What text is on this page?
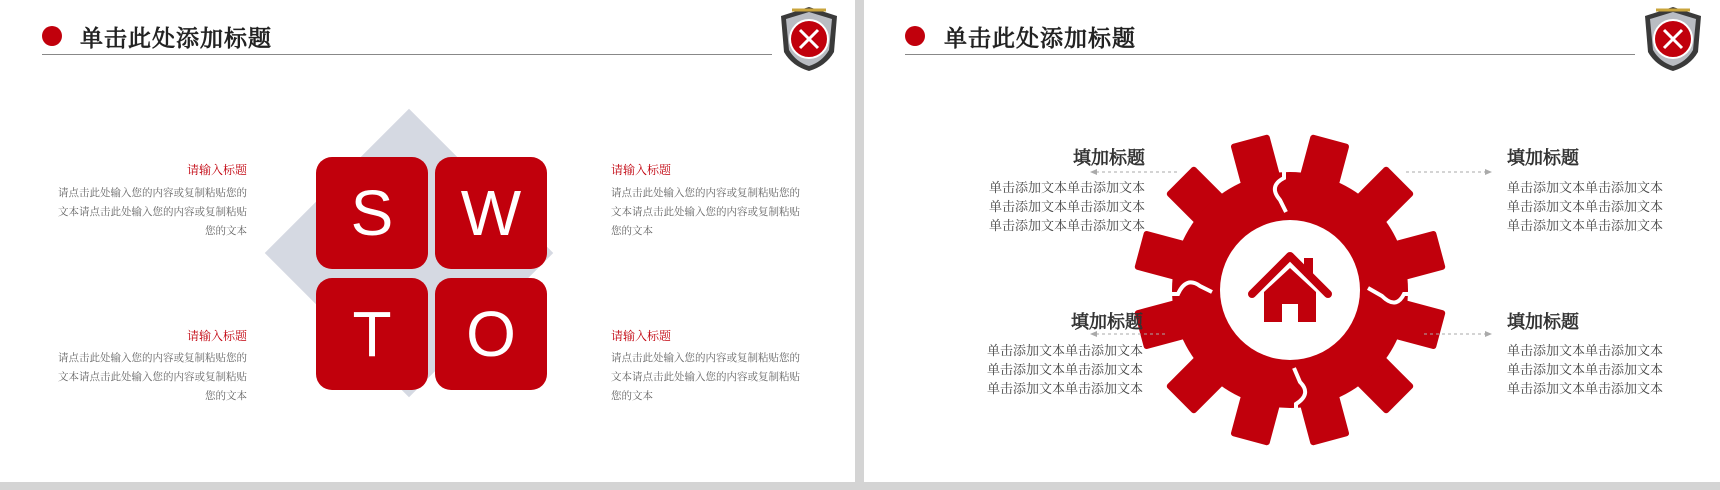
单击此处添加标题
S	W
T	O
请输入标题
请点击此处输入您的内容或复制粘贴您的
文本请点击此处输入您的内容或复制粘贴
您的文本
请输入标题
请点击此处输入您的内容或复制粘贴您的
文本请点击此处输入您的内容或复制粘贴
您的文本
请输入标题
请点击此处输入您的内容或复制粘贴您的
文本请点击此处输入您的内容或复制粘贴
您的文本
请输入标题
请点击此处输入您的内容或复制粘贴您的
文本请点击此处输入您的内容或复制粘贴
您的文本
单击此处添加标题
填加标题
单击添加文本单击添加文本
单击添加文本单击添加文本
单击添加文本单击添加文本
填加标题
单击添加文本单击添加文本
单击添加文本单击添加文本
单击添加文本单击添加文本
填加标题
单击添加文本单击添加文本
单击添加文本单击添加文本
单击添加文本单击添加文本
填加标题
单击添加文本单击添加文本
单击添加文本单击添加文本
单击添加文本单击添加文本
